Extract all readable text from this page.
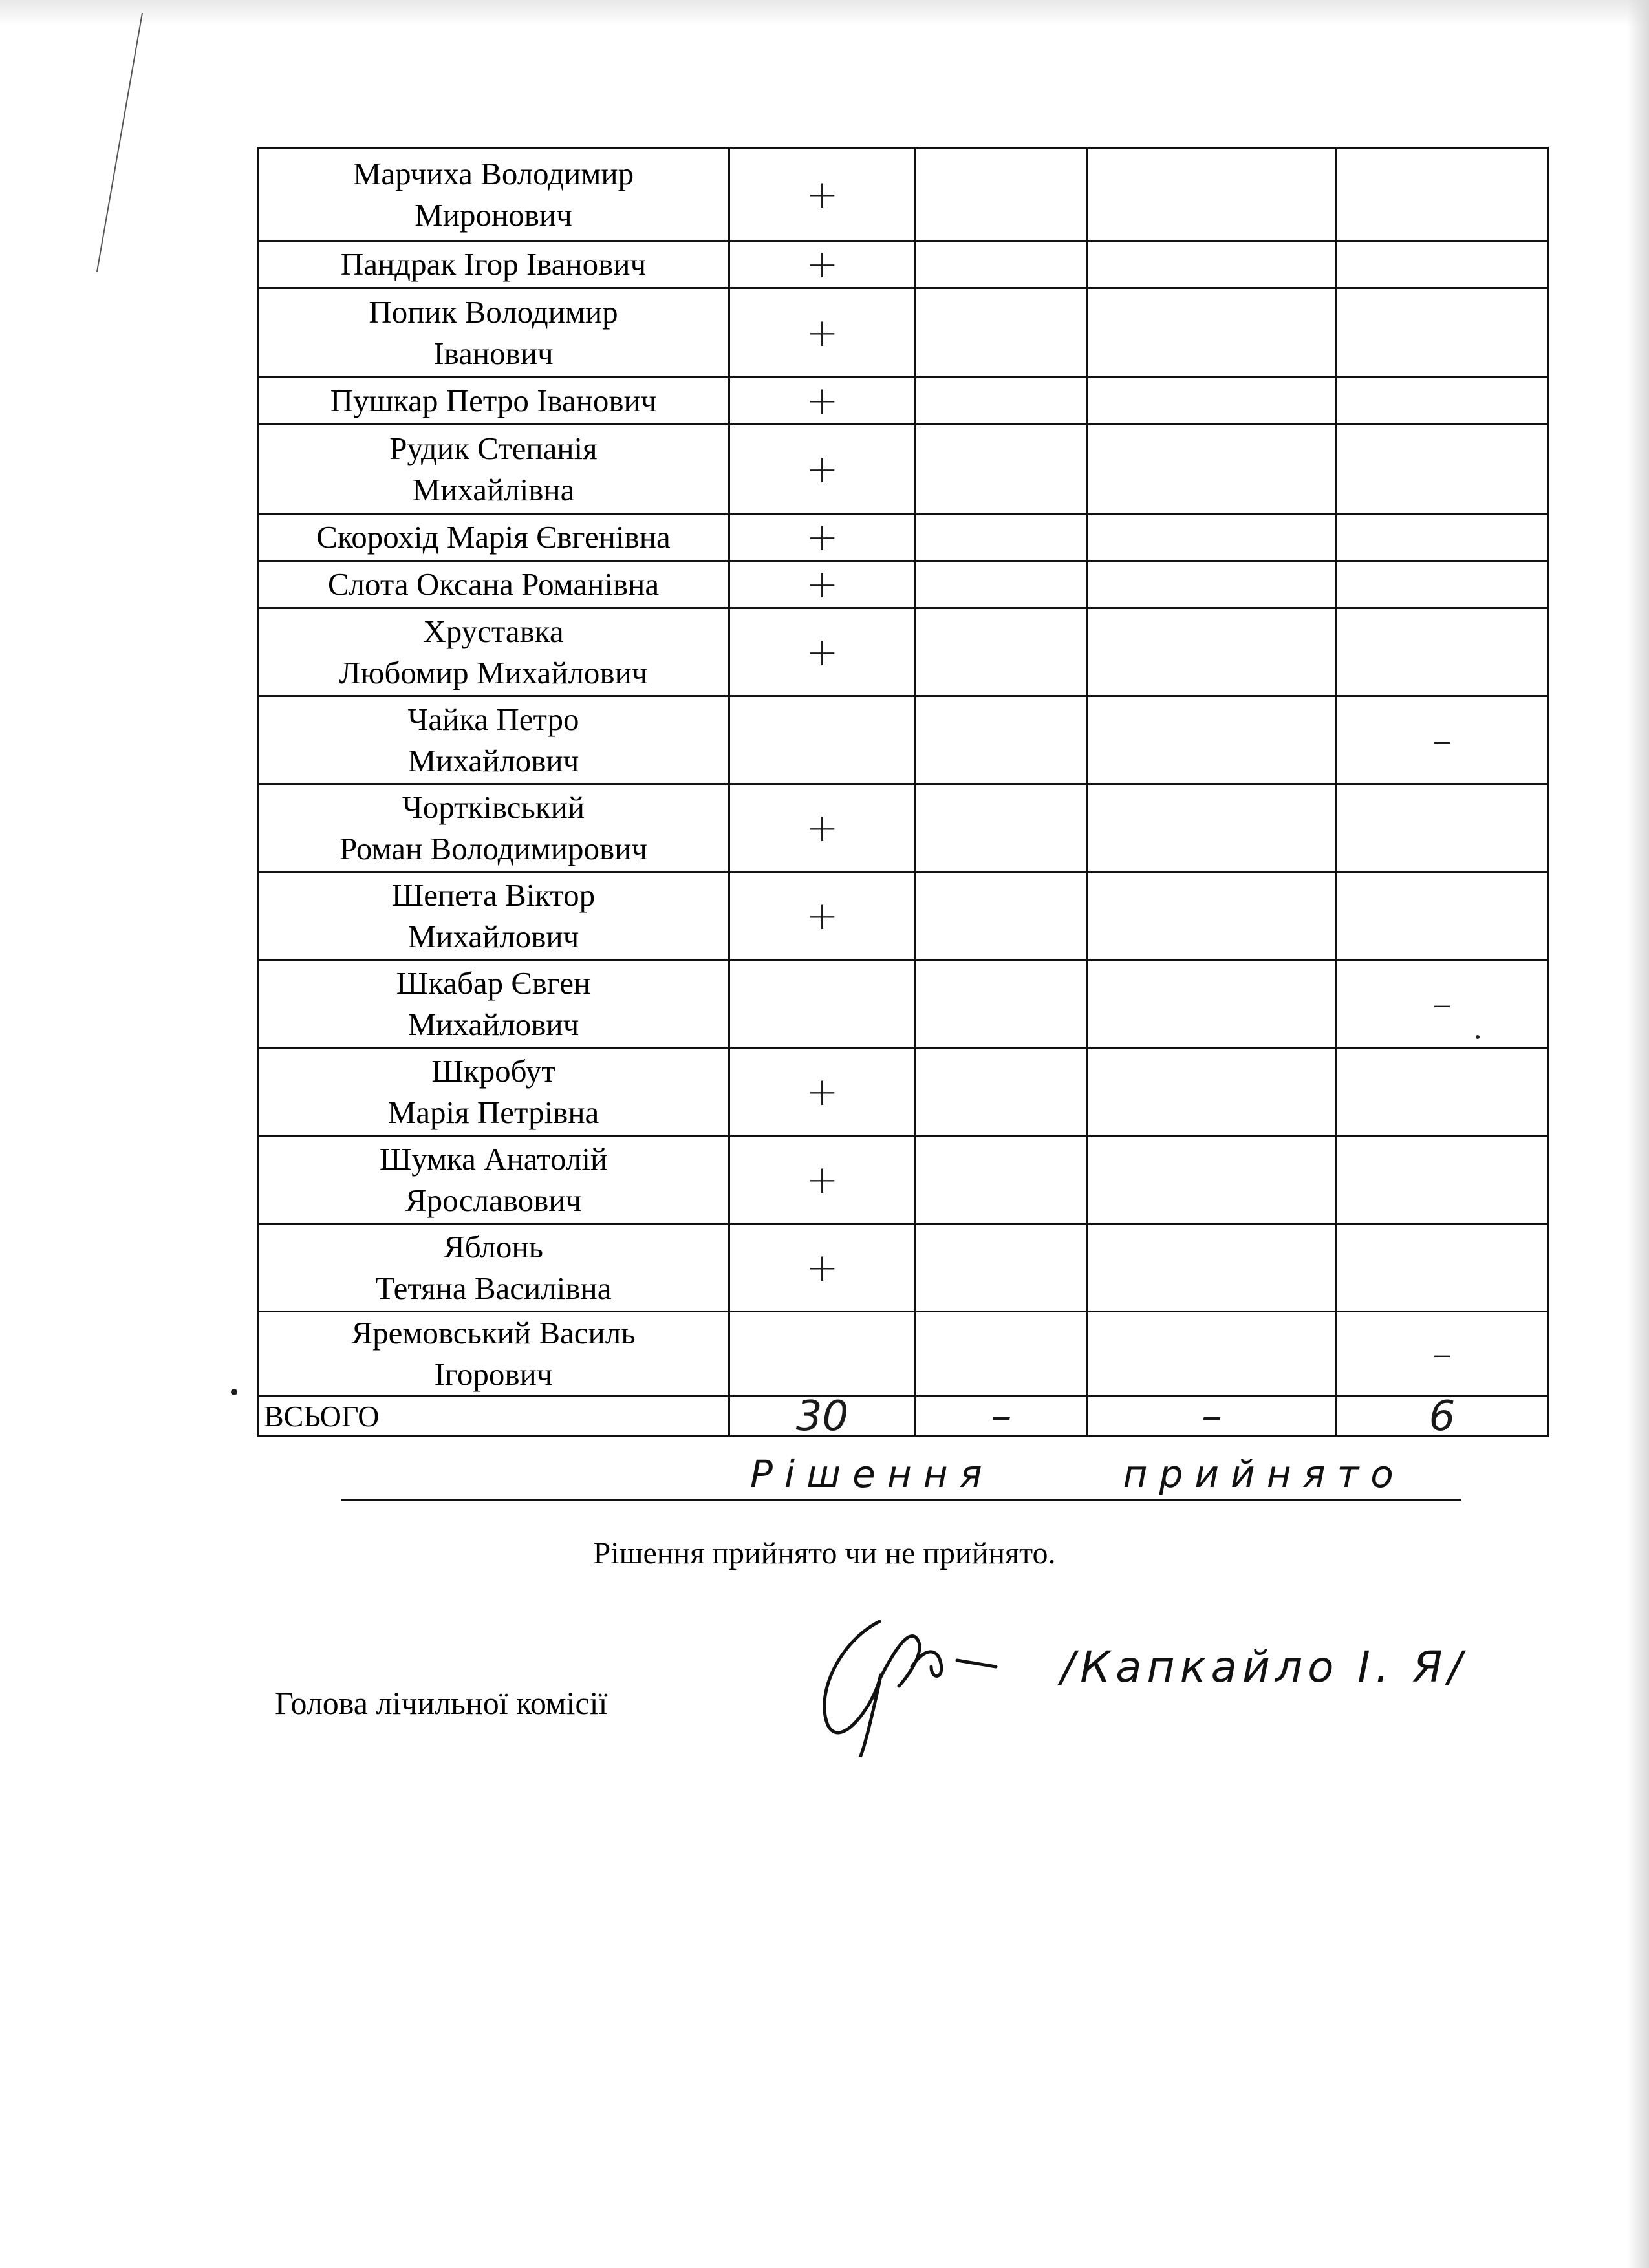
Марчиха Володимир
Миронович	+			

Пандрак Ігор Іванович	+			

Попик Володимир
Іванович	+			

Пушкар Петро Іванович	+			

Рудик Степанія
Михайлівна	+			

Скорохід Марія Євгенівна	+			

Слота Оксана Романівна	+			

Хруставка
Любомир Михайлович	+			

Чайка Петро
Михайлович				–

Чортківський
Роман Володимирович	+			

Шепета Віктор
Михайлович	+			

Шкабар Євген
Михайлович				–

Шкробут
Марія Петрівна	+			

Шумка Анатолій
Ярославович	+			

Яблонь
Тетяна Василівна	+			

Яремовський Василь
Ігорович				–
ВСЬОГО	30	–	–	6
Рішення	прийнято
Рішення прийнято чи не прийнято.
Голова лічильної комісії
/Капкайло І. Я/
